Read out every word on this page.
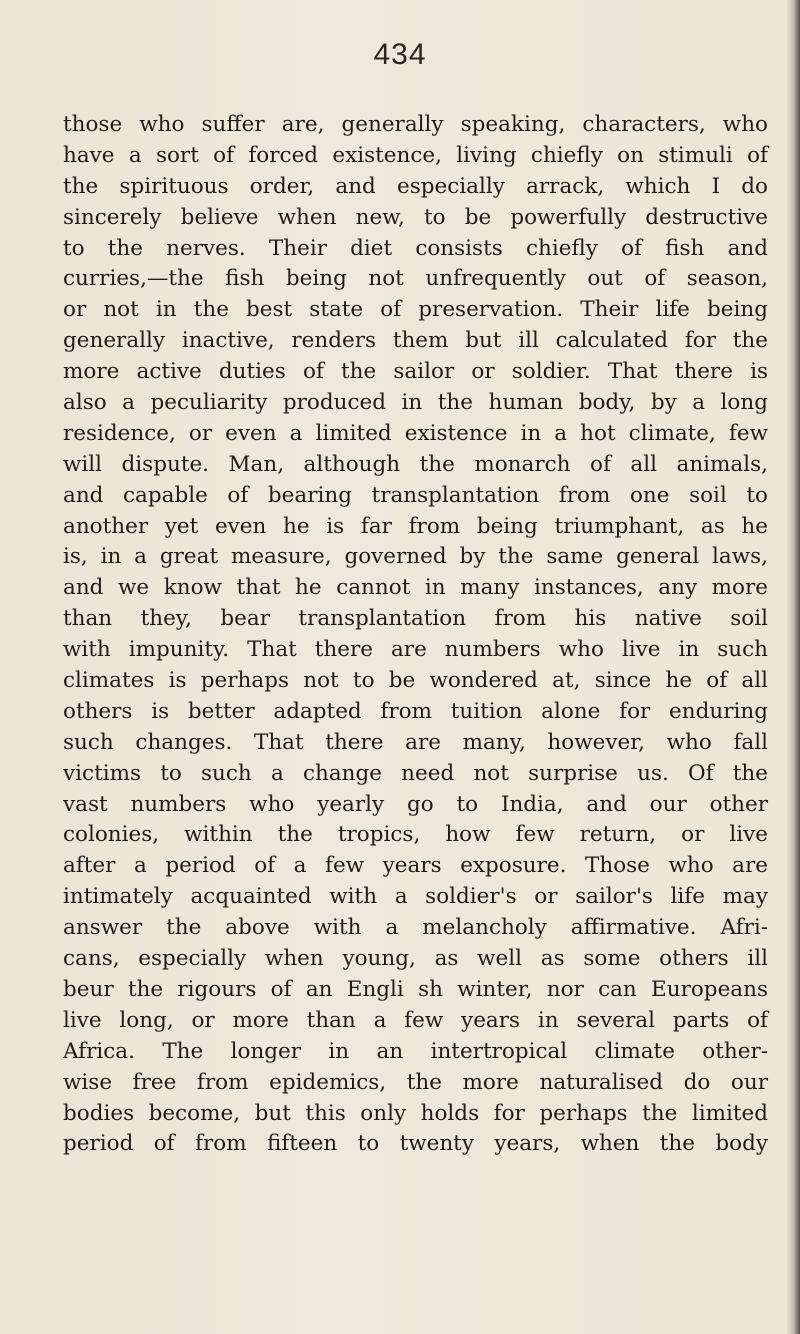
434
those who suffer are, generally speaking, characters, who
have a sort of forced existence, living chiefly on stimuli of
the spirituous order, and especially arrack, which I do
sincerely believe when new, to be powerfully destructive
to the nerves. Their diet consists chiefly of fish and
curries,—the fish being not unfrequently out of season,
or not in the best state of preservation. Their life being
generally inactive, renders them but ill calculated for the
more active duties of the sailor or soldier. That there is
also a peculiarity produced in the human body, by a long
residence, or even a limited existence in a hot climate, few
will dispute. Man, although the monarch of all animals,
and capable of bearing transplantation from one soil to
another yet even he is far from being triumphant, as he
is, in a great measure, governed by the same general laws,
and we know that he cannot in many instances, any more
than they, bear transplantation from his native soil
with impunity. That there are numbers who live in such
climates is perhaps not to be wondered at, since he of all
others is better adapted from tuition alone for enduring
such changes. That there are many, however, who fall
victims to such a change need not surprise us. Of the
vast numbers who yearly go to India, and our other
colonies, within the tropics, how few return, or live
after a period of a few years exposure. Those who are
intimately acquainted with a soldier's or sailor's life may
answer the above with a melancholy affirmative. Afri-
cans, especially when young, as well as some others ill
beur the rigours of an Engli sh winter, nor can Europeans
live long, or more than a few years in several parts of
Africa. The longer in an intertropical climate other-
wise free from epidemics, the more naturalised do our
bodies become, but this only holds for perhaps the limited
period of from fifteen to twenty years, when the body
